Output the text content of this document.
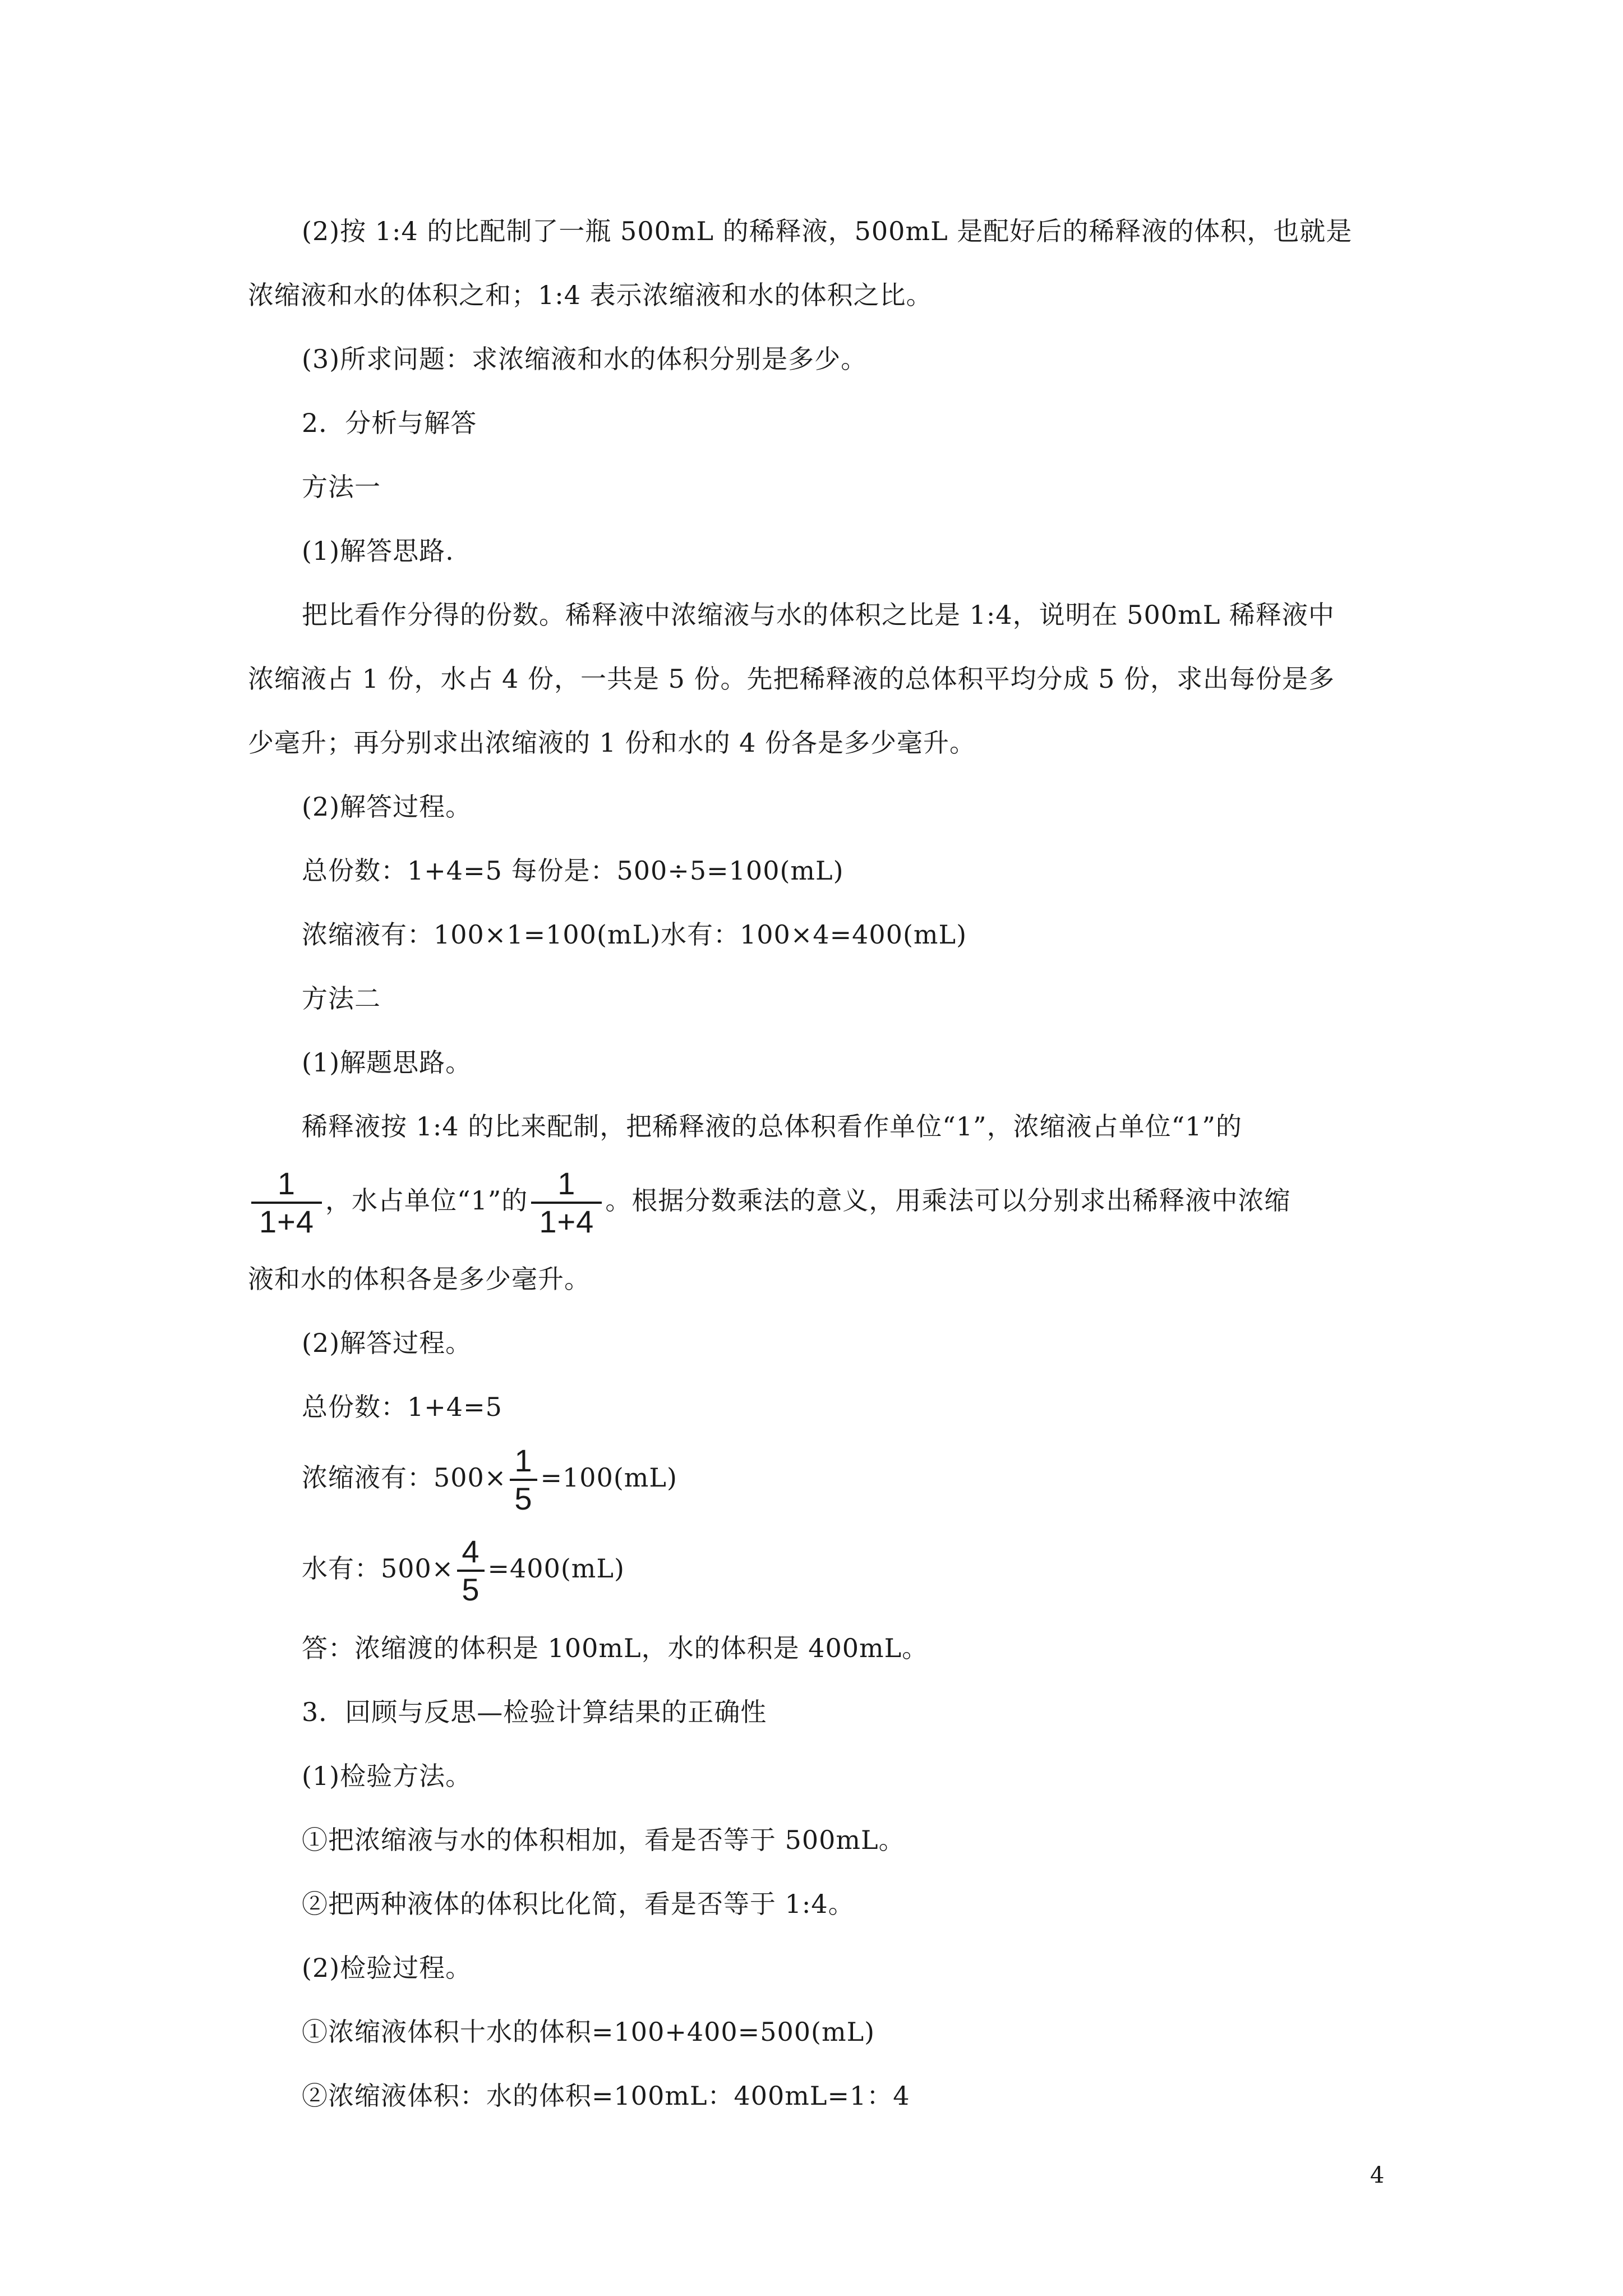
(2)按 1:4 的比配制了一瓶 500mL 的稀释液，500mL 是配好后的稀释液的体积，也就是
浓缩液和水的体积之和；1:4 表示浓缩液和水的体积之比。
(3)所求问题：求浓缩液和水的体积分别是多少。
2．分析与解答
方法一
(1)解答思路.
把比看作分得的份数。稀释液中浓缩液与水的体积之比是 1:4，说明在 500mL 稀释液中
浓缩液占 1 份，水占 4 份，一共是 5 份。先把稀释液的总体积平均分成 5 份，求出每份是多
少毫升；再分别求出浓缩液的 1 份和水的 4 份各是多少毫升。
(2)解答过程。
总份数：1+4=5 每份是：500÷5=100(mL)
浓缩液有：100×1=100(mL)水有：100×4=400(mL)
方法二
(1)解题思路。
稀释液按 1:4 的比来配制，把稀释液的总体积看作单位“1”，浓缩液占单位“1”的
$\frac{1}{1+4}$ ，水占单位“1”的 $\frac{1}{1+4}$ 。根据分数乘法的意义，用乘法可以分别求出稀释液中浓缩
液和水的体积各是多少毫升。
(2)解答过程。
总份数：1+4=5
浓缩液有：$500\times \frac{1}{5} =100(mL)$
水有：$500\times \frac{4}{5} =400(mL)$
答：浓缩渡的体积是 100mL，水的体积是 400mL。
3．回顾与反思—检验计算结果的正确性
(1)检验方法。
①把浓缩液与水的体积相加，看是否等于 500mL。
②把两种液体的体积比化简，看是否等于 1:4。
(2)检验过程。
①浓缩液体积十水的体积=100+400=500(mL)
②浓缩液体积：水的体积=100mL：400mL=1：4
4
